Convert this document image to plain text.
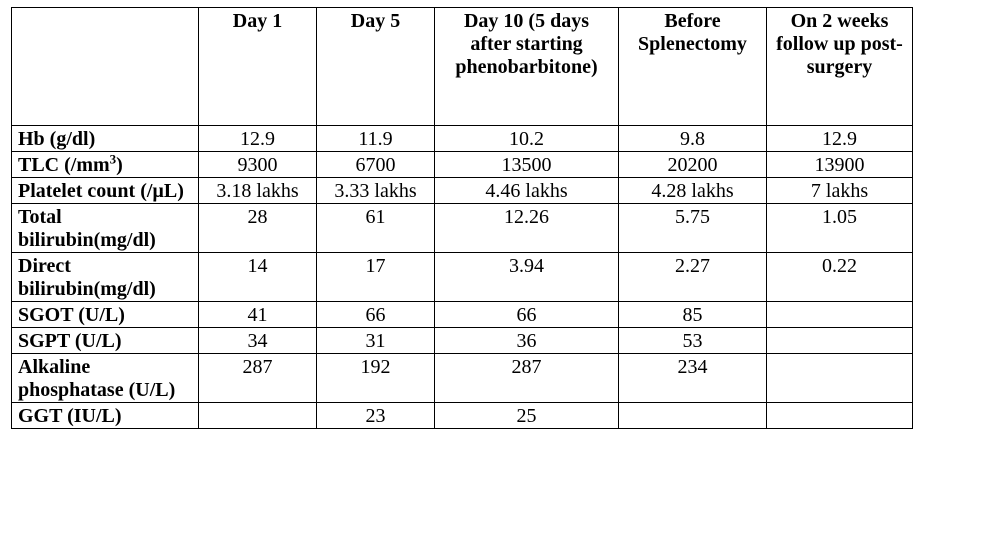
	Day 1	Day 5	Day 10 (5 days after starting phenobarbitone)	Before Splenectomy	On 2 weeks follow up post-surgery
Hb (g/dl)	12.9	11.9	10.2	9.8	12.9
TLC $(/mm^3)$	9300	6700	13500	20200	13900
Platelet count (/µL)	3.18 lakhs	3.33 lakhs	4.46 lakhs	4.28 lakhs	7 lakhs
Total bilirubin(mg/dl)	28	61	12.26	5.75	1.05
Direct bilirubin(mg/dl)	14	17	3.94	2.27	0.22
SGOT (U/L)	41	66	66	85	
SGPT (U/L)	34	31	36	53	
Alkaline phosphatase (U/L)	287	192	287	234	
GGT (IU/L)		23	25		
